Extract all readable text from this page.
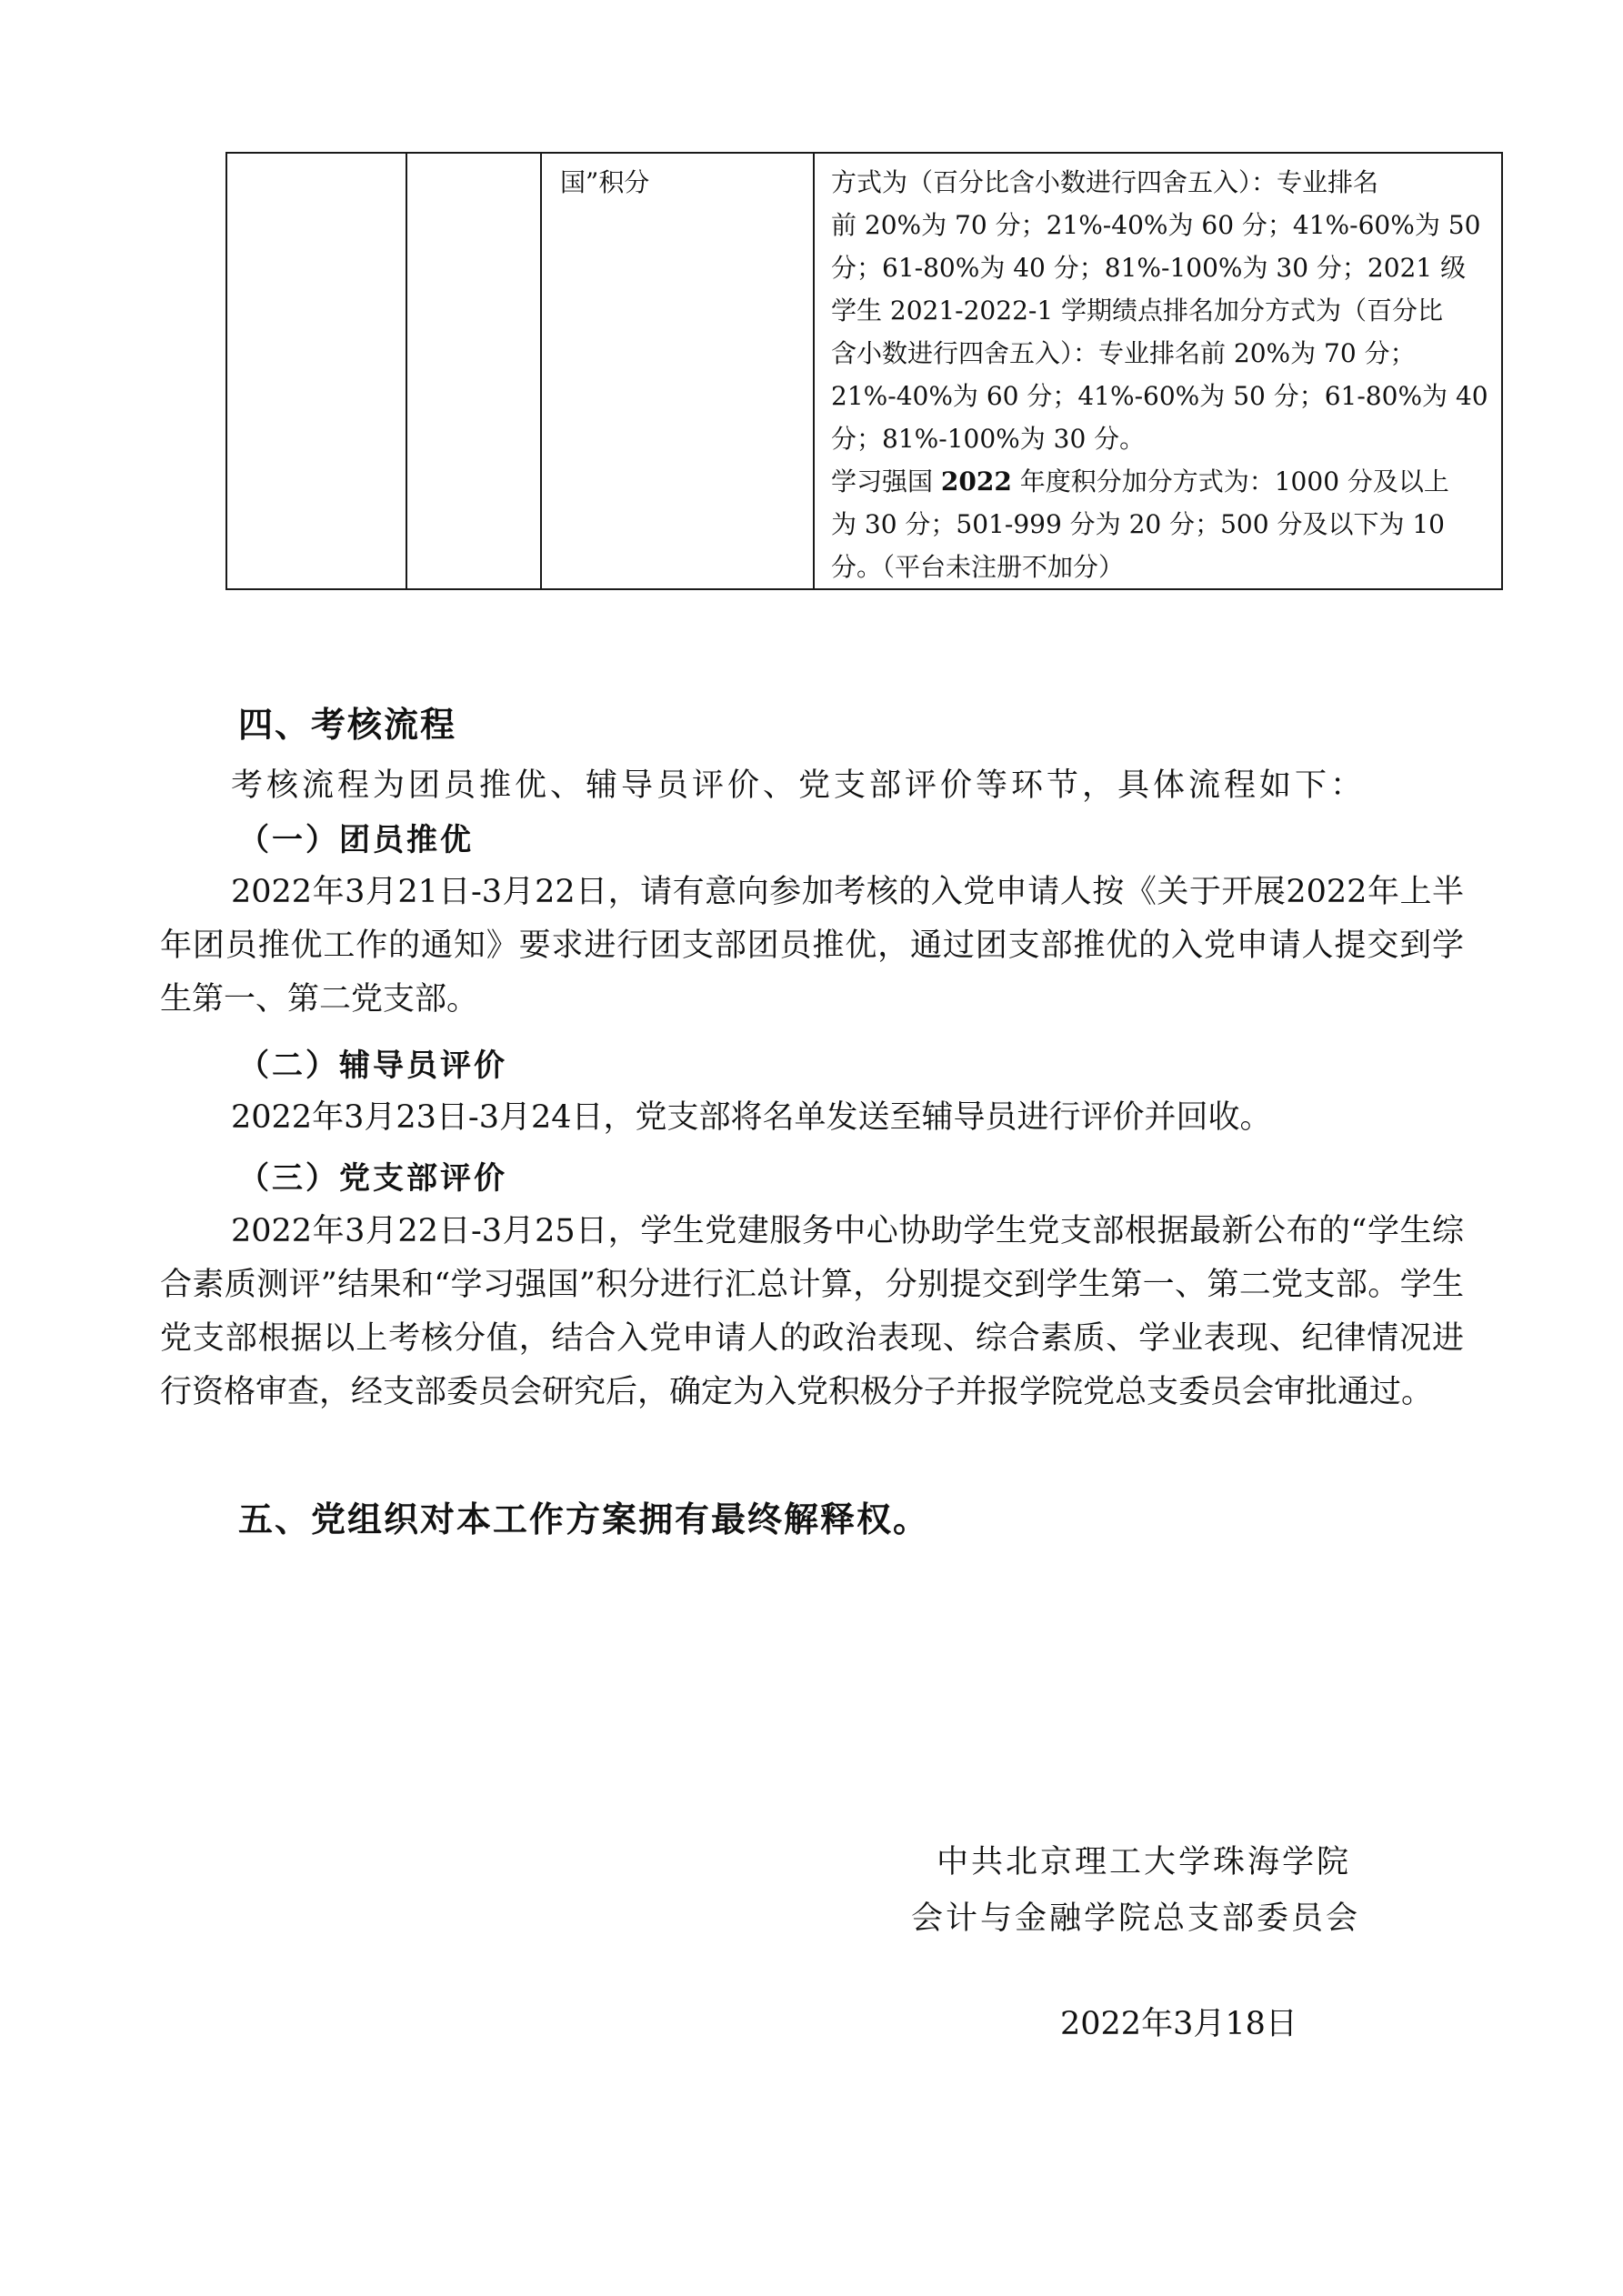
国”积分	方式为（百分比含小数进行四舍五入）：专业排名

前 20%为 70 分；21%-40%为 60 分；41%-60%为 50

分；61-80%为 40 分；81%-100%为 30 分；2021 级

学生 2021-2022-1 学期绩点排名加分方式为（百分比

含小数进行四舍五入）：专业排名前 20%为 70 分；

21%-40%为 60 分；41%-60%为 50 分；61-80%为 40

分；81%-100%为 30 分。

学习强国 2022 年度积分加分方式为：1000 分及以上

为 30 分；501-999 分为 20 分；500 分及以下为 10

分。（平台未注册不加分）

四、考核流程
考核流程为团员推优、辅导员评价、党支部评价等环节，具体流程如下：
（一）团员推优
2022年3月21日-3月22日，请有意向参加考核的入党申请人按《关于开展2022年上半年团员推优工作的通知》要求进行团支部团员推优，通过团支部推优的入党申请人提交到学生第一、第二党支部。
（二）辅导员评价
2022年3月23日-3月24日，党支部将名单发送至辅导员进行评价并回收。
（三）党支部评价
2022年3月22日-3月25日，学生党建服务中心协助学生党支部根据最新公布的“学生综合素质测评”结果和“学习强国”积分进行汇总计算，分别提交到学生第一、第二党支部。学生党支部根据以上考核分值，结合入党申请人的政治表现、综合素质、学业表现、纪律情况进行资格审查，经支部委员会研究后，确定为入党积极分子并报学院党总支委员会审批通过。
五、党组织对本工作方案拥有最终解释权。
中共北京理工大学珠海学院
会计与金融学院总支部委员会
2022年3月18日
